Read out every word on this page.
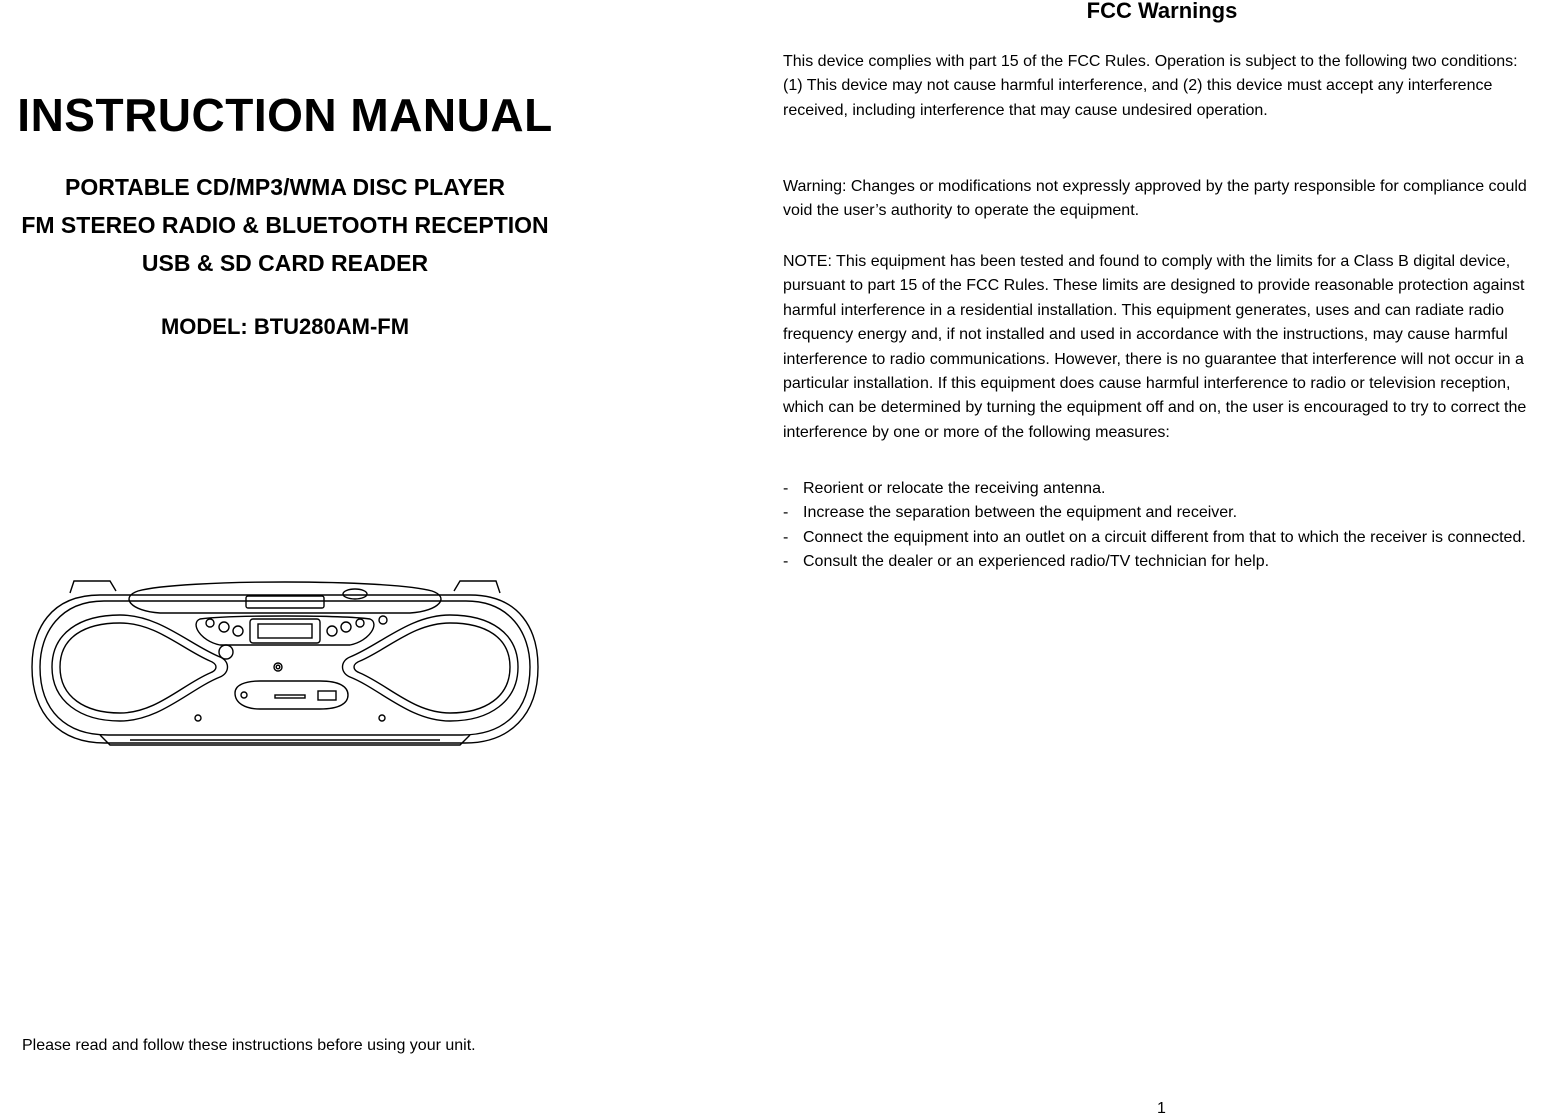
INSTRUCTION MANUAL
PORTABLE CD/MP3/WMA DISC PLAYER
FM STEREO RADIO & BLUETOOTH RECEPTION
USB & SD CARD READER
MODEL: BTU280AM-FM
Please read and follow these instructions before using your unit.
FCC Warnings

This device complies with part 15 of the FCC Rules. Operation is subject to the following two conditions: (1) This device may not cause harmful interference, and (2) this device must accept any interference received, including interference that may cause undesired operation.

Warning: Changes or modifications not expressly approved by the party responsible for compliance could void the user’s authority to operate the equipment.

NOTE: This equipment has been tested and found to comply with the limits for a Class B digital device, pursuant to part 15 of the FCC Rules. These limits are designed to provide reasonable protection against harmful interference in a residential installation. This equipment generates, uses and can radiate radio frequency energy and, if not installed and used in accordance with the instructions, may cause harmful interference to radio communications. However, there is no guarantee that interference will not occur in a particular installation. If this equipment does cause harmful interference to radio or television reception, which can be determined by turning the equipment off and on, the user is encouraged to try to correct the interference by one or more of the following measures:

- Reorient or relocate the receiving antenna.
- Increase the separation between the equipment and receiver.
- Connect the equipment into an outlet on a circuit different from that to which the receiver is connected.
- Consult the dealer or an experienced radio/TV technician for help.
1
